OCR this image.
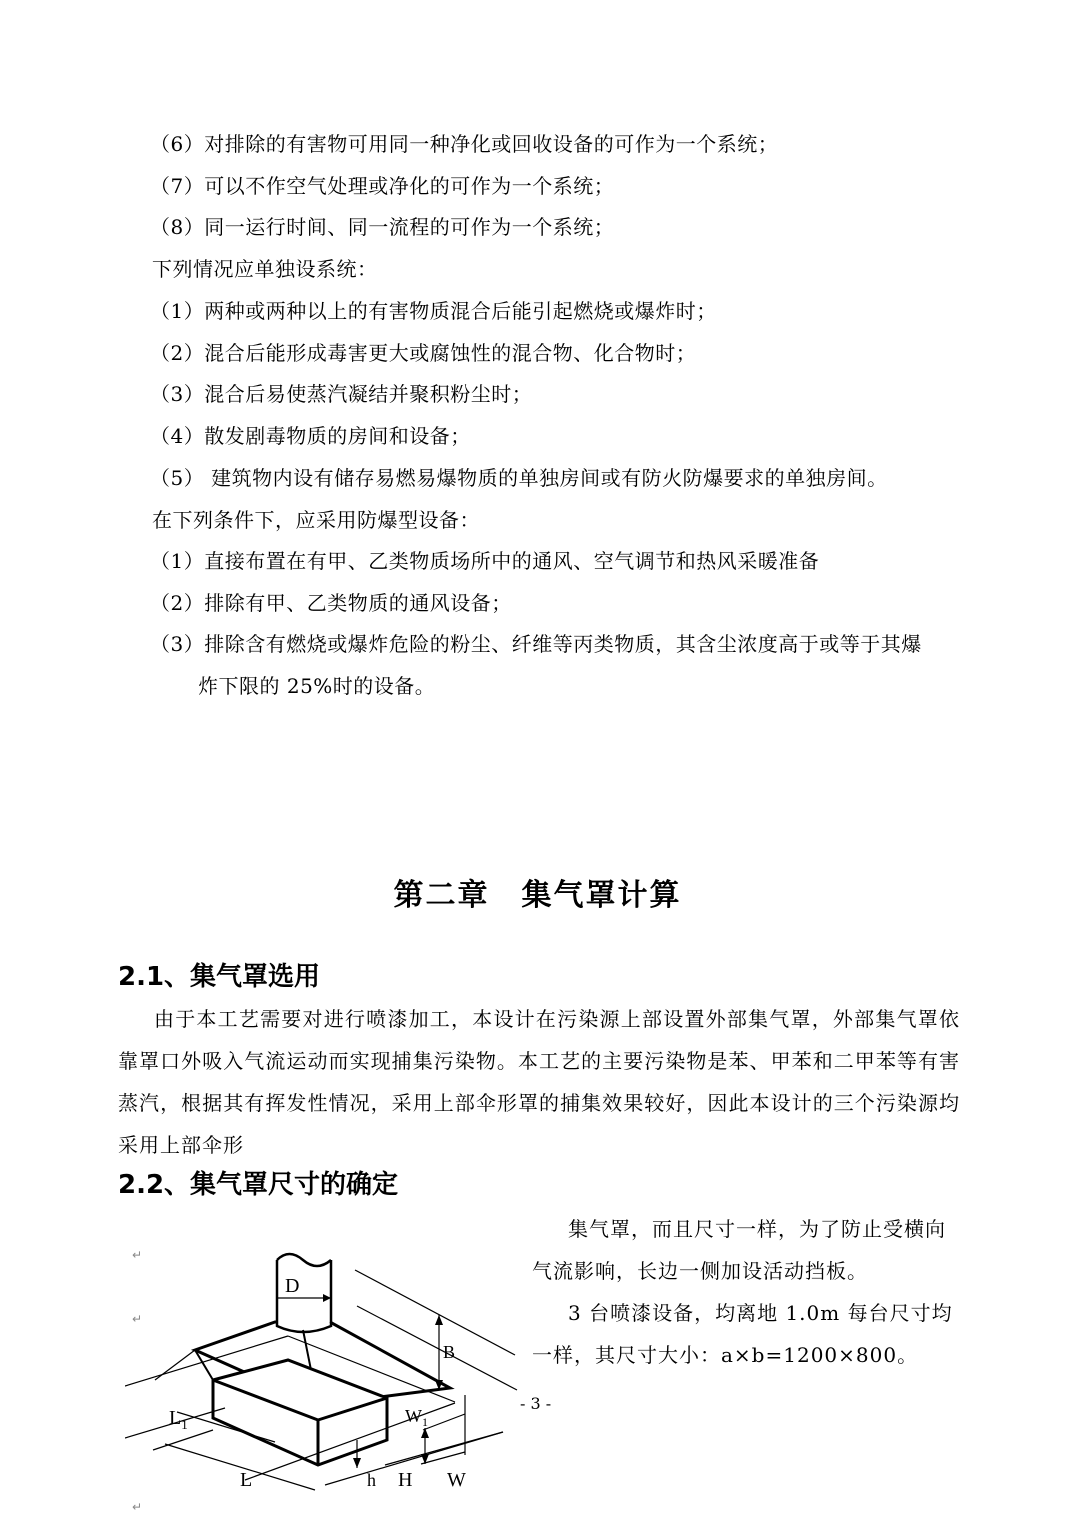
（6）对排除的有害物可用同一种净化或回收设备的可作为一个系统；
（7）可以不作空气处理或净化的可作为一个系统；
（8）同一运行时间、同一流程的可作为一个系统；
下列情况应单独设系统：
（1）两种或两种以上的有害物质混合后能引起燃烧或爆炸时；
（2）混合后能形成毒害更大或腐蚀性的混合物、化合物时；
（3）混合后易使蒸汽凝结并聚积粉尘时；
（4）散发剧毒物质的房间和设备；
（5） 建筑物内设有储存易燃易爆物质的单独房间或有防火防爆要求的单独房间。
在下列条件下，应采用防爆型设备：
（1）直接布置在有甲、乙类物质场所中的通风、空气调节和热风采暖准备
（2）排除有甲、乙类物质的通风设备；
（3）排除含有燃烧或爆炸危险的粉尘、纤维等丙类物质，其含尘浓度高于或等于其爆
炸下限的 25%时的设备。
第二章　集气罩计算
2.1、集气罩选用
由于本工艺需要对进行喷漆加工，本设计在污染源上部设置外部集气罩，外部集气罩依靠罩口外吸入气流运动而实现捕集污染物。本工艺的主要污染物是苯、甲苯和二甲苯等有害蒸汽，根据其有挥发性情况，采用上部伞形罩的捕集效果较好，因此本设计的三个污染源均采用上部伞形
2.2、集气罩尺寸的确定
集气罩，而且尺寸一样，为了防止受横向气流影响，长边一侧加设活动挡板。
3 台喷漆设备，均离地 1.0m 每台尺寸均一样，其尺寸大小：a×b=1200×800。
- 3 -
D
B
$L_1$	$W_1$
L	h H W
↵
↵
↵
